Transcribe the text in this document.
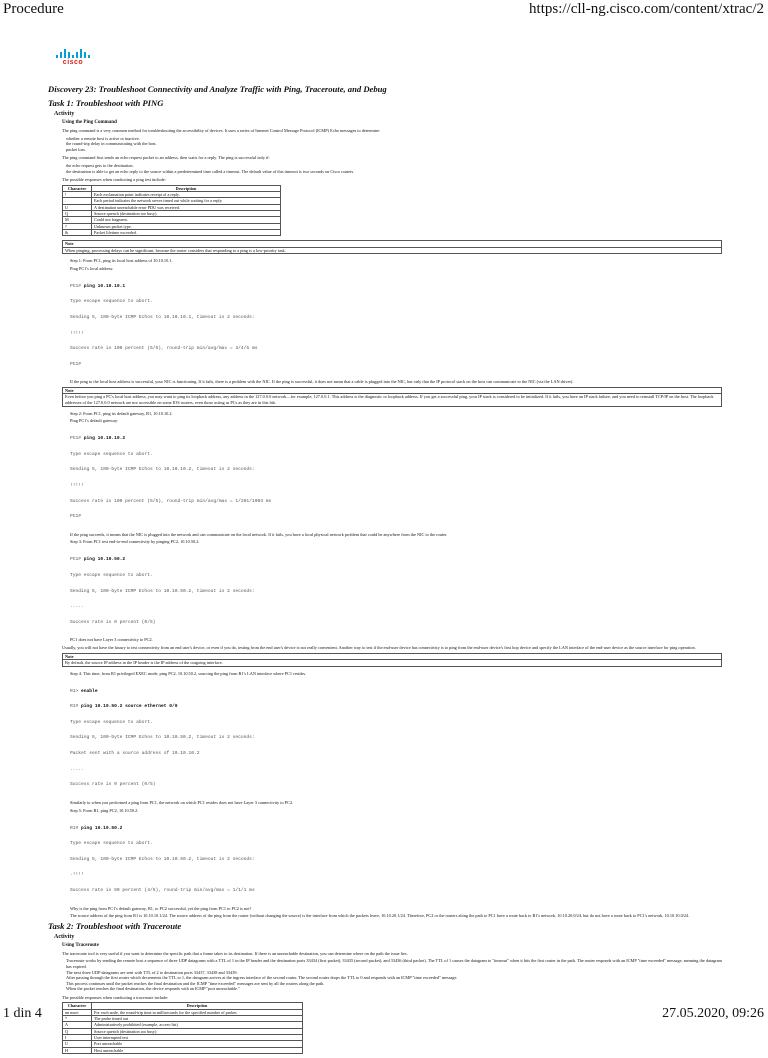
Procedure	https://cll-ng.cisco.com/content/xtrac/2
cisco
Discovery 23: Troubleshoot Connectivity and Analyze Traffic with Ping, Traceroute, and Debug
Task 1: Troubleshoot with PING
Activity
Using the Ping Command

The ping command is a very common method for troubleshooting the accessibility of devices. It uses a series of Internet Control Message Protocol (ICMP) Echo messages to determine:

whether a remote host is active or inactive.

the round-trip delay in communicating with the host.

packet loss.

The ping command first sends an echo request packet to an address, then waits for a reply. The ping is successful only if:

the echo request gets to the destination.

the destination is able to get an echo reply to the source within a predetermined time called a timeout. The default value of this timeout is two seconds on Cisco routers.

The possible responses when conducting a ping test include:

Character	Description
!	Each exclamation point indicates receipt of a reply.
.	Each period indicates the network server timed out while waiting for a reply.
U	A destination unreachable error PDU was received.
Q	Source quench (destination too busy).
M	Could not fragment.
?	Unknown packet type.
&	Packet lifetime exceeded.
Note
When pinging, processing delays can be significant, because the router considers that responding to a ping is a low-priority task.

Step 1: From PC1, ping its local host address of 10.10.10.1.

Ping PC1's local address:

PC1# ping 10.10.10.1

Type escape sequence to abort.

Sending 5, 100-byte ICMP Echos to 10.10.10.1, timeout is 2 seconds:

!!!!!

Success rate is 100 percent (5/5), round-trip min/avg/max = 3/4/5 ms

PC1#

If the ping to the local host address is successful, your NIC is functioning. If it fails, there is a problem with the NIC. If the ping is successful, it does not mean that a cable is plugged into the NIC, but only that the IP protocol stack on the host can communicate to the NIC (via the LAN driver).

Note
Even before you ping a PC's local host address, you may want to ping its loopback address, any address in the 127.0.0.0 network—for example, 127.0.0.1. This address is the diagnostic or loopback address. If you get a successful ping, your IP stack is considered to be initialized. If it fails, you have an IP stack failure, and you need to reinstall TCP/IP on the host. The loopback addresses of the 127.0.0.0 network are not accessible on some IOS routers, even those acting as PCs as they are in this lab.

Step 2: From PC1, ping its default gateway, R1, 10.10.10.2.

Ping PC1's default gateway:

PC1# ping 10.10.10.2

Type escape sequence to abort.

Sending 5, 100-byte ICMP Echos to 10.10.10.2, timeout is 2 seconds:

!!!!!

Success rate is 100 percent (5/5), round-trip min/avg/max = 1/201/1003 ms

PC1#

If the ping succeeds, it means that the NIC is plugged into the network and can communicate on the local network. If it fails, you have a local physical network problem that could be anywhere from the NIC to the router.

Step 3: From PC1 test end-to-end connectivity by pinging PC2, 10.10.50.2.

PC1# ping 10.10.50.2

Type escape sequence to abort.

Sending 5, 100-byte ICMP Echos to 10.10.50.2, timeout is 2 seconds:

.....

Success rate is 0 percent (0/5)

PC1 does not have Layer 3 connectivity to PC2.

Usually, you will not have the luxury to test connectivity from an end user's device, or even if you do, testing from the end user's device is not really convenient. Another way to test if the end-user device has connectivity is to ping from the end-user device's first hop device and specify the LAN interface of the end-user device as the source interface for ping operation.

Note
By default, the source IP address in the IP header is the IP address of the outgoing interface.

Step 4: This time, from R1 privileged EXEC mode, ping PC2, 10.10.50.2, sourcing the ping from R1's LAN interface where PC1 resides.

R1> enable

R1# ping 10.10.50.2 source ethernet 0/0

Type escape sequence to abort.

Sending 5, 100-byte ICMP Echos to 10.10.50.2, timeout is 2 seconds:

Packet sent with a source address of 10.10.10.2

.....

Success rate is 0 percent (0/5)

Similarly to when you performed a ping from PC1, the network on which PC1 resides does not have Layer 3 connectivity to PC2.

Step 5: From R1, ping PC2, 10.10.50.2.

R1# ping 10.10.50.2

Type escape sequence to abort.

Sending 5, 100-byte ICMP Echos to 10.10.50.2, timeout is 2 seconds:

.!!!!

Success rate is 80 percent (4/5), round-trip min/avg/max = 1/1/1 ms

Why is the ping from PC1's default gateway, R1, to PC2 successful, yet the ping from PC1 to PC2 is not?

The source address of the ping from R1 is 10.10.10.1/24. The source address of the ping from the router (without changing the source) is the interface from which the packets leave, 10.10.20.1/24. Therefore, PC2 or the routers along the path to PC1 have a route back to R1's network, 10.10.20.0/24, but do not have a route back to PC1's network, 10.10.10.0/24.

Task 2: Troubleshoot with Traceroute
Activity
Using Traceroute

The traceroute tool is very useful if you want to determine the specific path that a frame takes to its destination. If there is an unreachable destination, you can determine where on the path the issue lies.

Traceroute works by sending the remote host a sequence of three UDP datagrams with a TTL of 1 in the IP header and the destination ports 33434 (first packet), 33435 (second packet), and 33436 (third packet). The TTL of 1 causes the datagram to "timeout" when it hits the first router in the path. The router responds with an ICMP "time exceeded" message, meaning the datagram has expired.

The next three UDP datagrams are sent with TTL of 2 to destination ports 33437, 33438 and 33439.

After passing through the first router which decrements the TTL to 1, the datagram arrives at the ingress interface of the second router. The second router drops the TTL to 0 and responds with an ICMP "time exceeded" message.

This process continues until the packet reaches the final destination and the ICMP "time exceeded" messages are sent by all the routers along the path.

When the packet reaches the final destination, the device responds with an ICMP "port unreachable."

The possible responses when conducting a traceroute include:

Character	Description
nn msec	For each node, the round-trip time in milliseconds for the specified number of probes
*	The probe timed out
A	Administratively prohibited (example, access-list)
Q	Source quench (destination too busy)
I	User interrupted test
U	Port unreachable
H	Host unreachable
1 din 4	27.05.2020, 09:26
